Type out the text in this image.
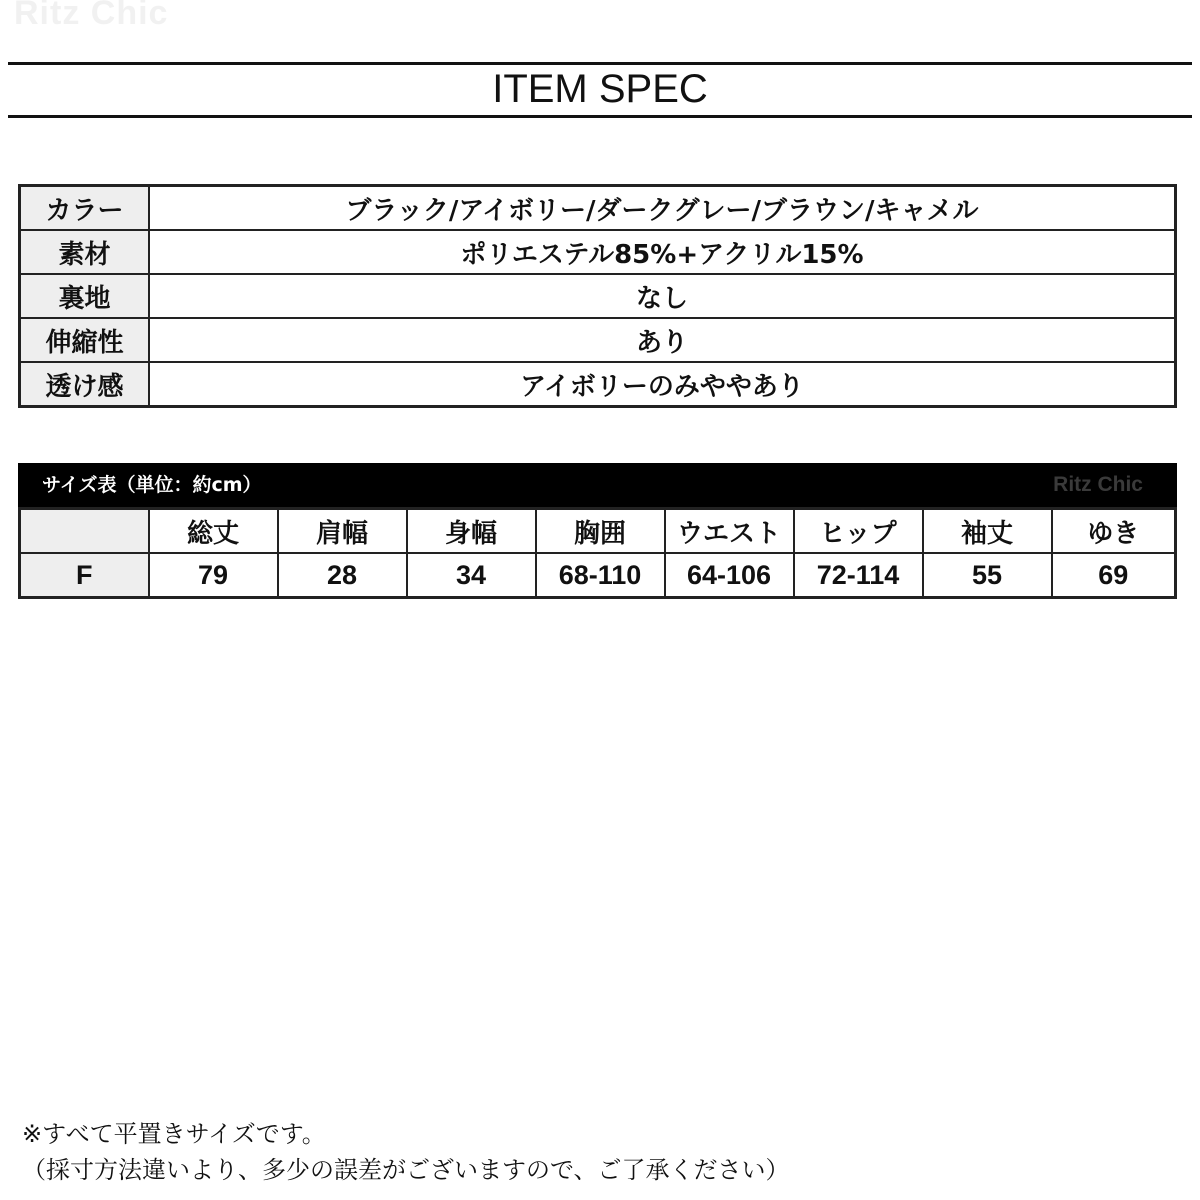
Ritz Chic
ITEM SPEC
カラー	ブラック/アイボリー/ダークグレー/ブラウン/キャメル
素材	ポリエステル85%+アクリル15%
裏地	なし
伸縮性	あり
透け感	アイボリーのみややあり
サイズ表（単位：約cm）	Ritz Chic
	総丈	肩幅	身幅	胸囲	ウエスト	ヒップ	袖丈	ゆき
F	79	28	34	68-110	64-106	72-114	55	69
※すべて平置きサイズです。
（採寸方法違いより、多少の誤差がございますので、ご了承ください）
